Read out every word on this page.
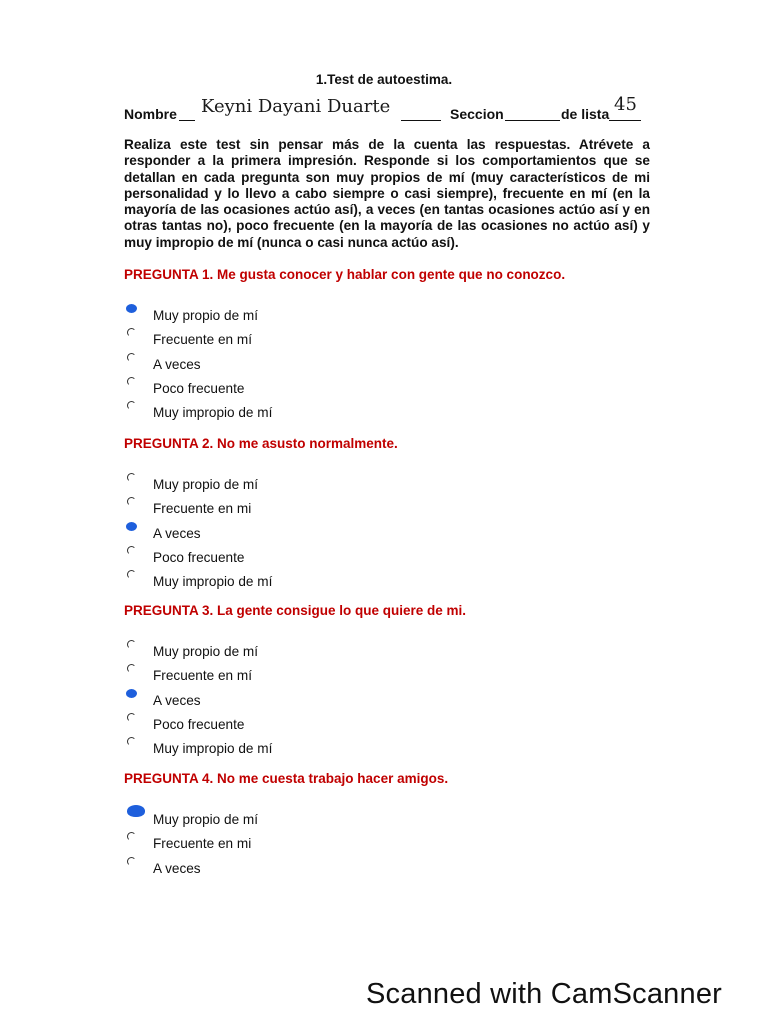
1.Test de autoestima.
Nombre Keyni Dayani Duarte	Seccion	de lista 45
Realiza este test sin pensar más de la cuenta las respuestas. Atrévete a responder a la primera impresión. Responde si los comportamientos que se detallan en cada pregunta son muy propios de mí (muy característicos de mi personalidad y lo llevo a cabo siempre o casi siempre), frecuente en mí (en la mayoría de las ocasiones actúo así), a veces (en tantas ocasiones actúo así y en otras tantas no), poco frecuente (en la mayoría de las ocasiones no actúo así) y muy impropio de mí (nunca o casi nunca actúo así).
PREGUNTA 1. Me gusta conocer y hablar con gente que no conozco.
Muy propio de mí
Frecuente en mí
A veces
Poco frecuente
Muy impropio de mí
PREGUNTA 2. No me asusto normalmente.
Muy propio de mí
Frecuente en mi
A veces
Poco frecuente
Muy impropio de mí
PREGUNTA 3. La gente consigue lo que quiere de mi.
Muy propio de mí
Frecuente en mí
A veces
Poco frecuente
Muy impropio de mí
PREGUNTA 4. No me cuesta trabajo hacer amigos.
Muy propio de mí
Frecuente en mi
A veces
Scanned with CamScanner
